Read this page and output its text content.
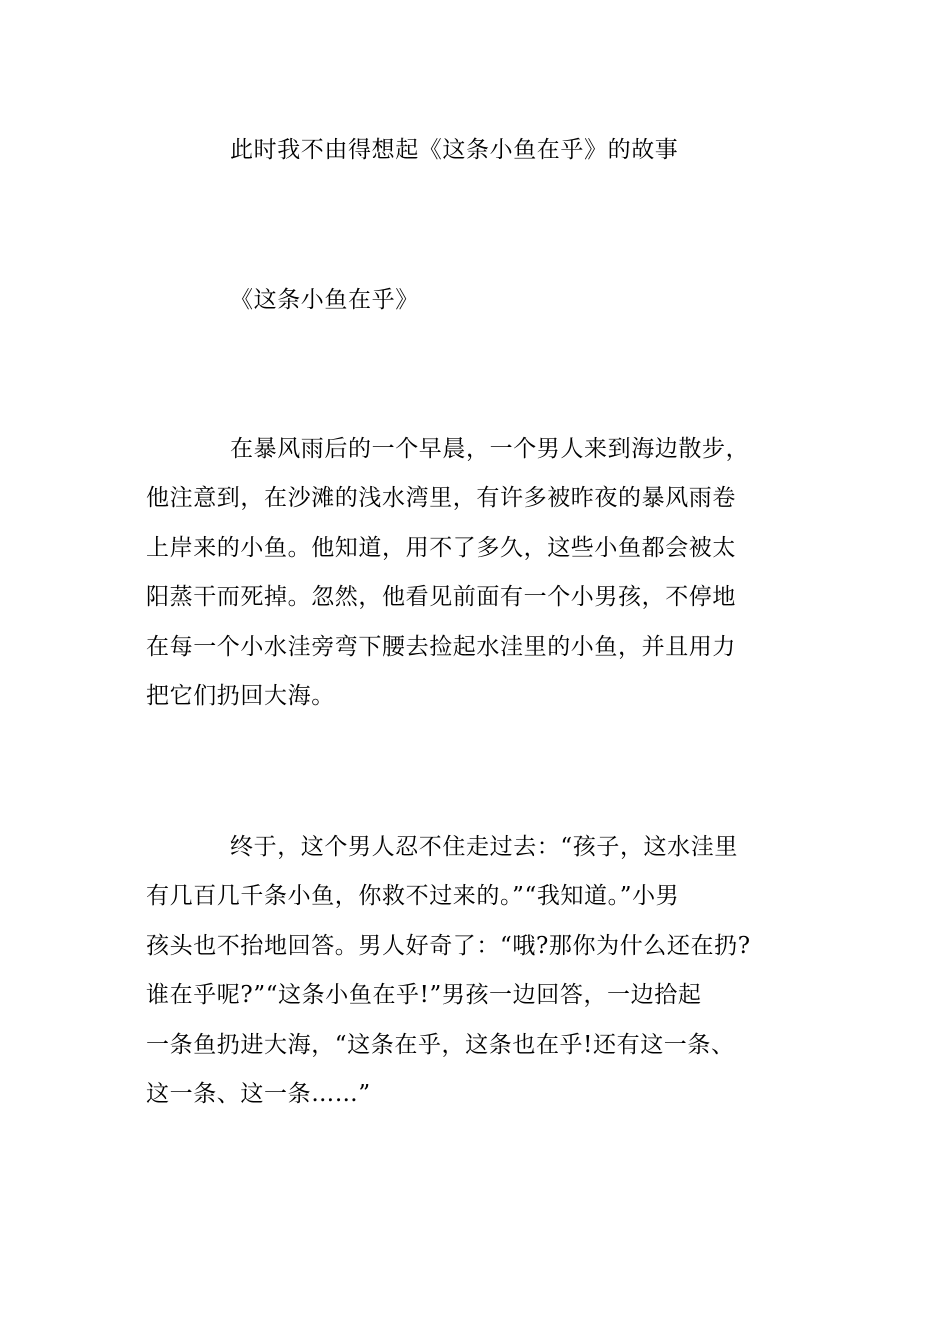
此时我不由得想起《这条小鱼在乎》的故事
《这条小鱼在乎》
在暴风雨后的一个早晨，一个男人来到海边散步，
他注意到，在沙滩的浅水湾里，有许多被昨夜的暴风雨卷
上岸来的小鱼。他知道，用不了多久，这些小鱼都会被太
阳蒸干而死掉。忽然，他看见前面有一个小男孩，不停地
在每一个小水洼旁弯下腰去捡起水洼里的小鱼，并且用力
把它们扔回大海。
终于，这个男人忍不住走过去：“孩子，这水洼里
有几百几千条小鱼，你救不过来的。”“我知道。”小男
孩头也不抬地回答。男人好奇了：“哦?那你为什么还在扔?
谁在乎呢?”“这条小鱼在乎!”男孩一边回答，一边拾起
一条鱼扔进大海，“这条在乎，这条也在乎!还有这一条、
这一条、这一条……”
